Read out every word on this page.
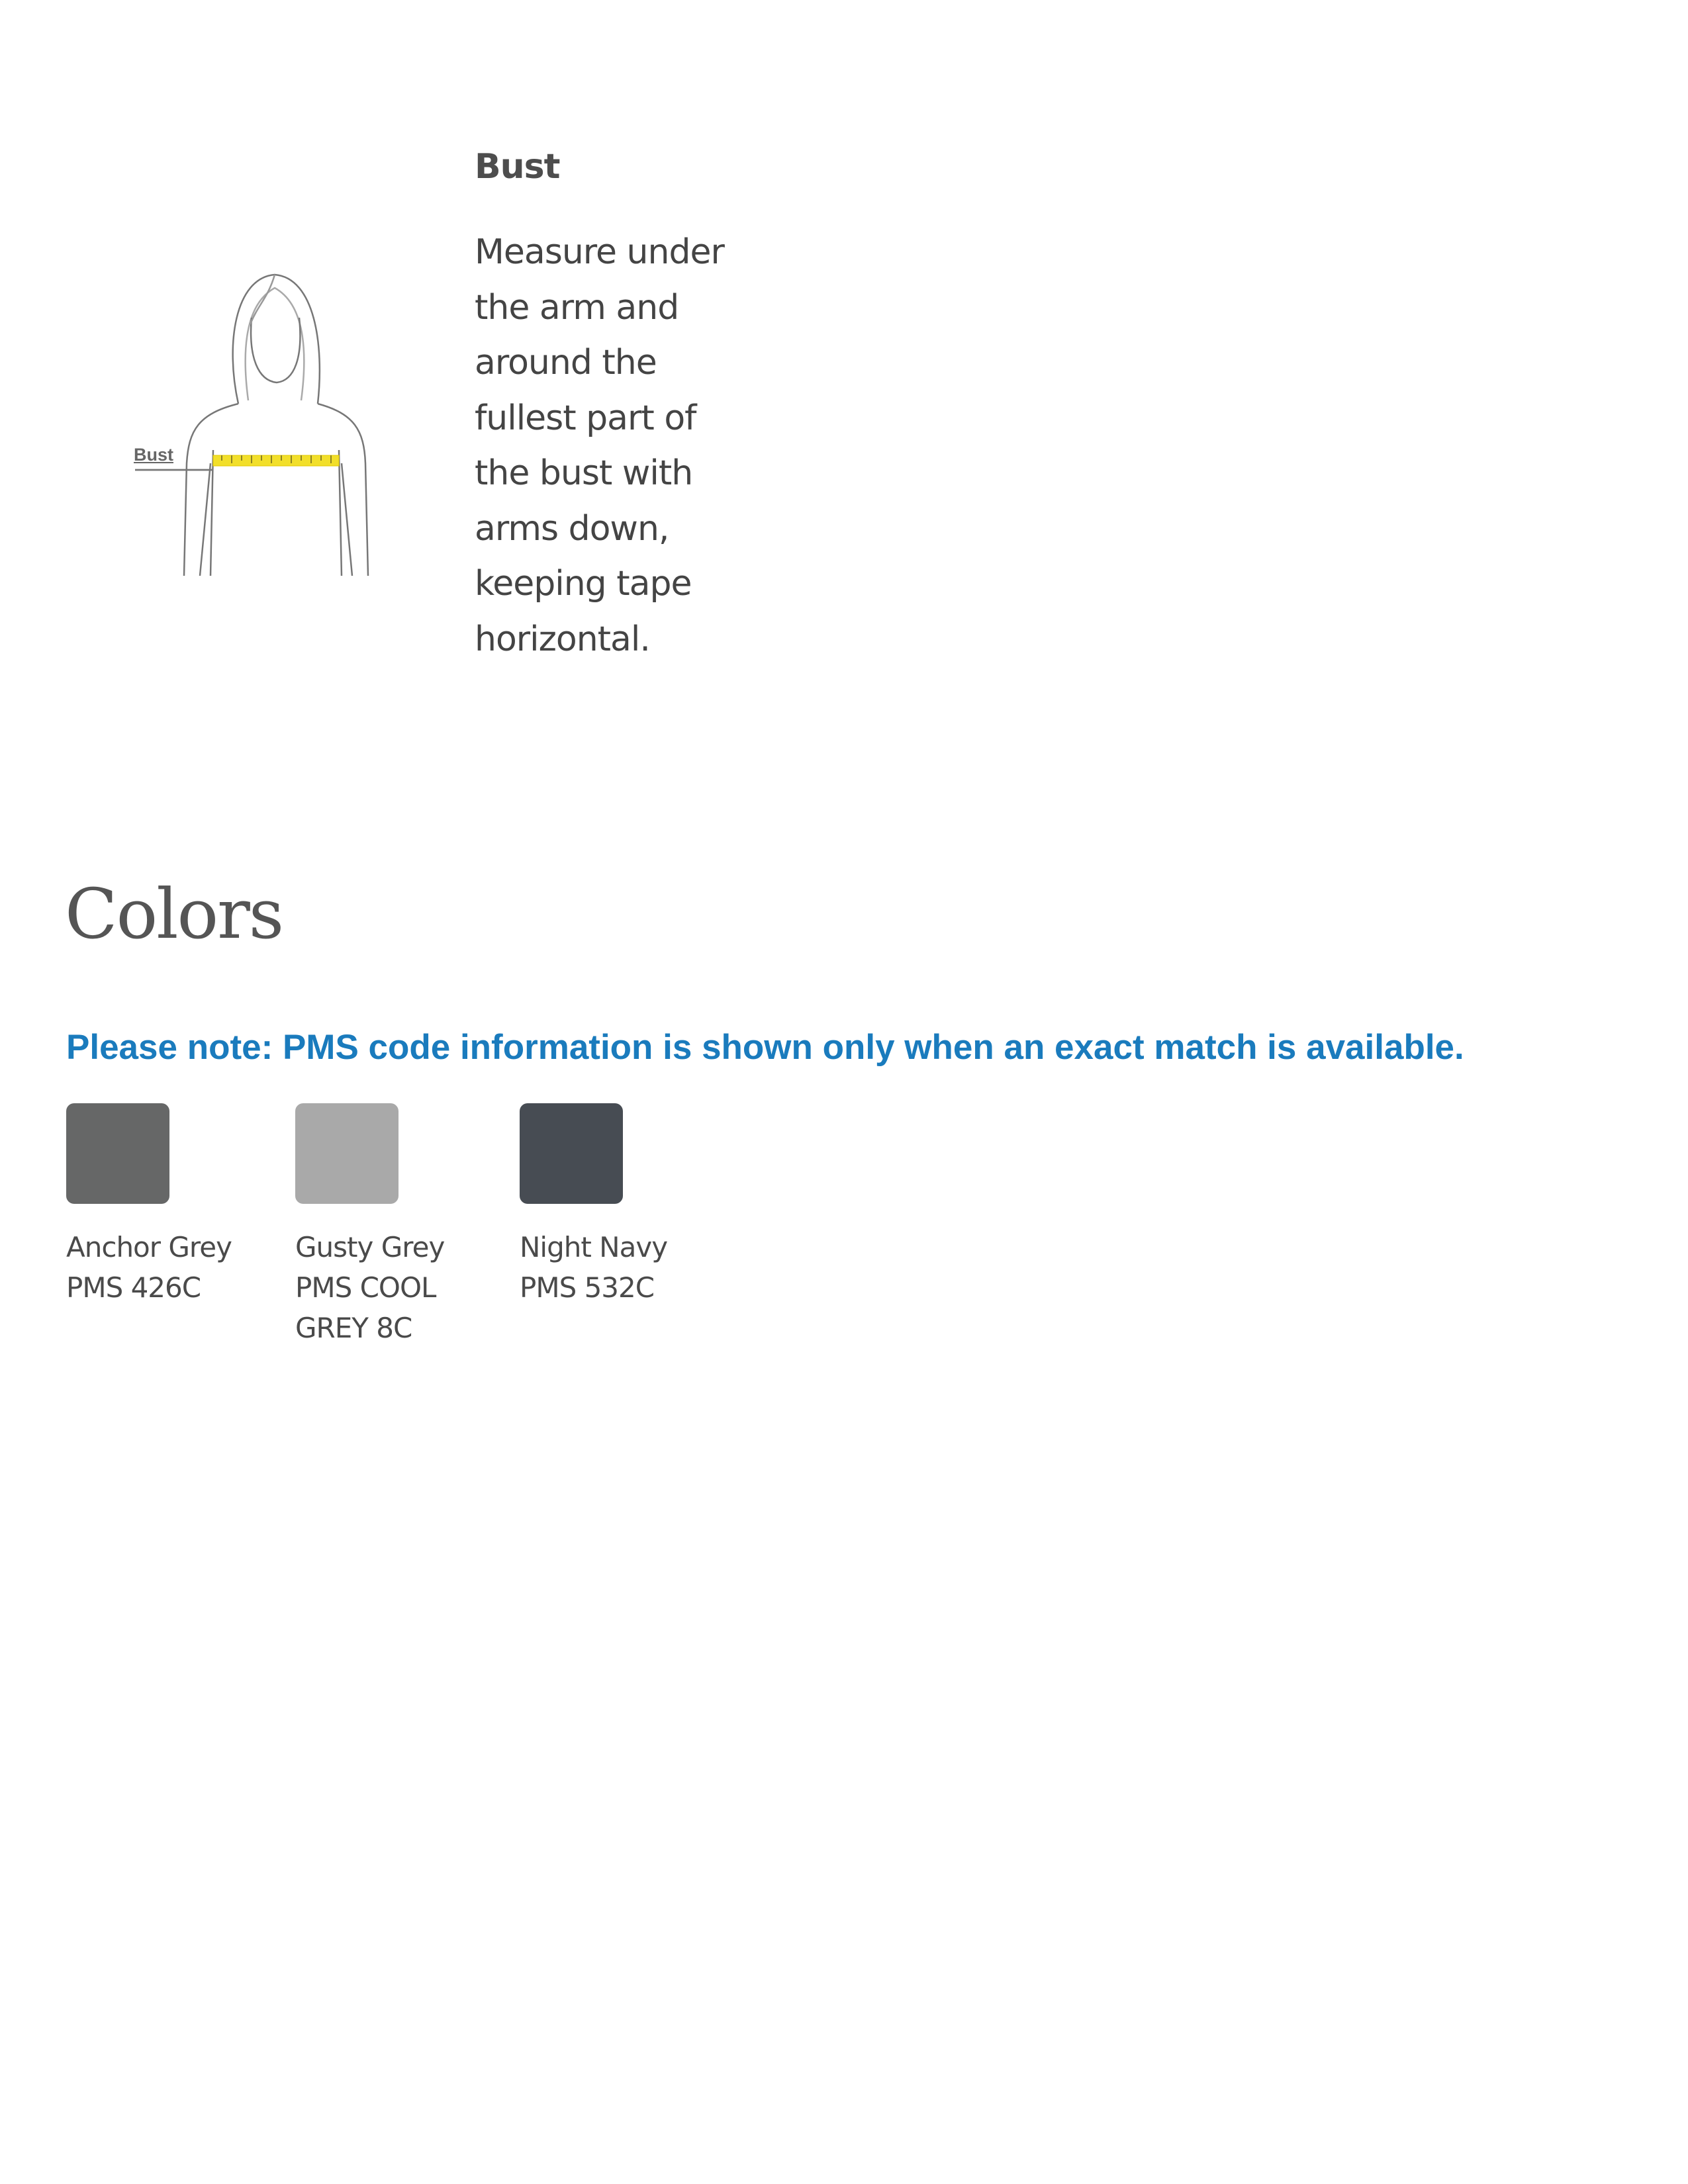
Bust
Bust
Measure under
the arm and
around the
fullest part of
the bust with
arms down,
keeping tape
horizontal.
Colors
Please note: PMS code information is shown only when an exact match is available.
Anchor Grey
PMS 426C
Gusty Grey
PMS COOL
GREY 8C
Night Navy
PMS 532C
